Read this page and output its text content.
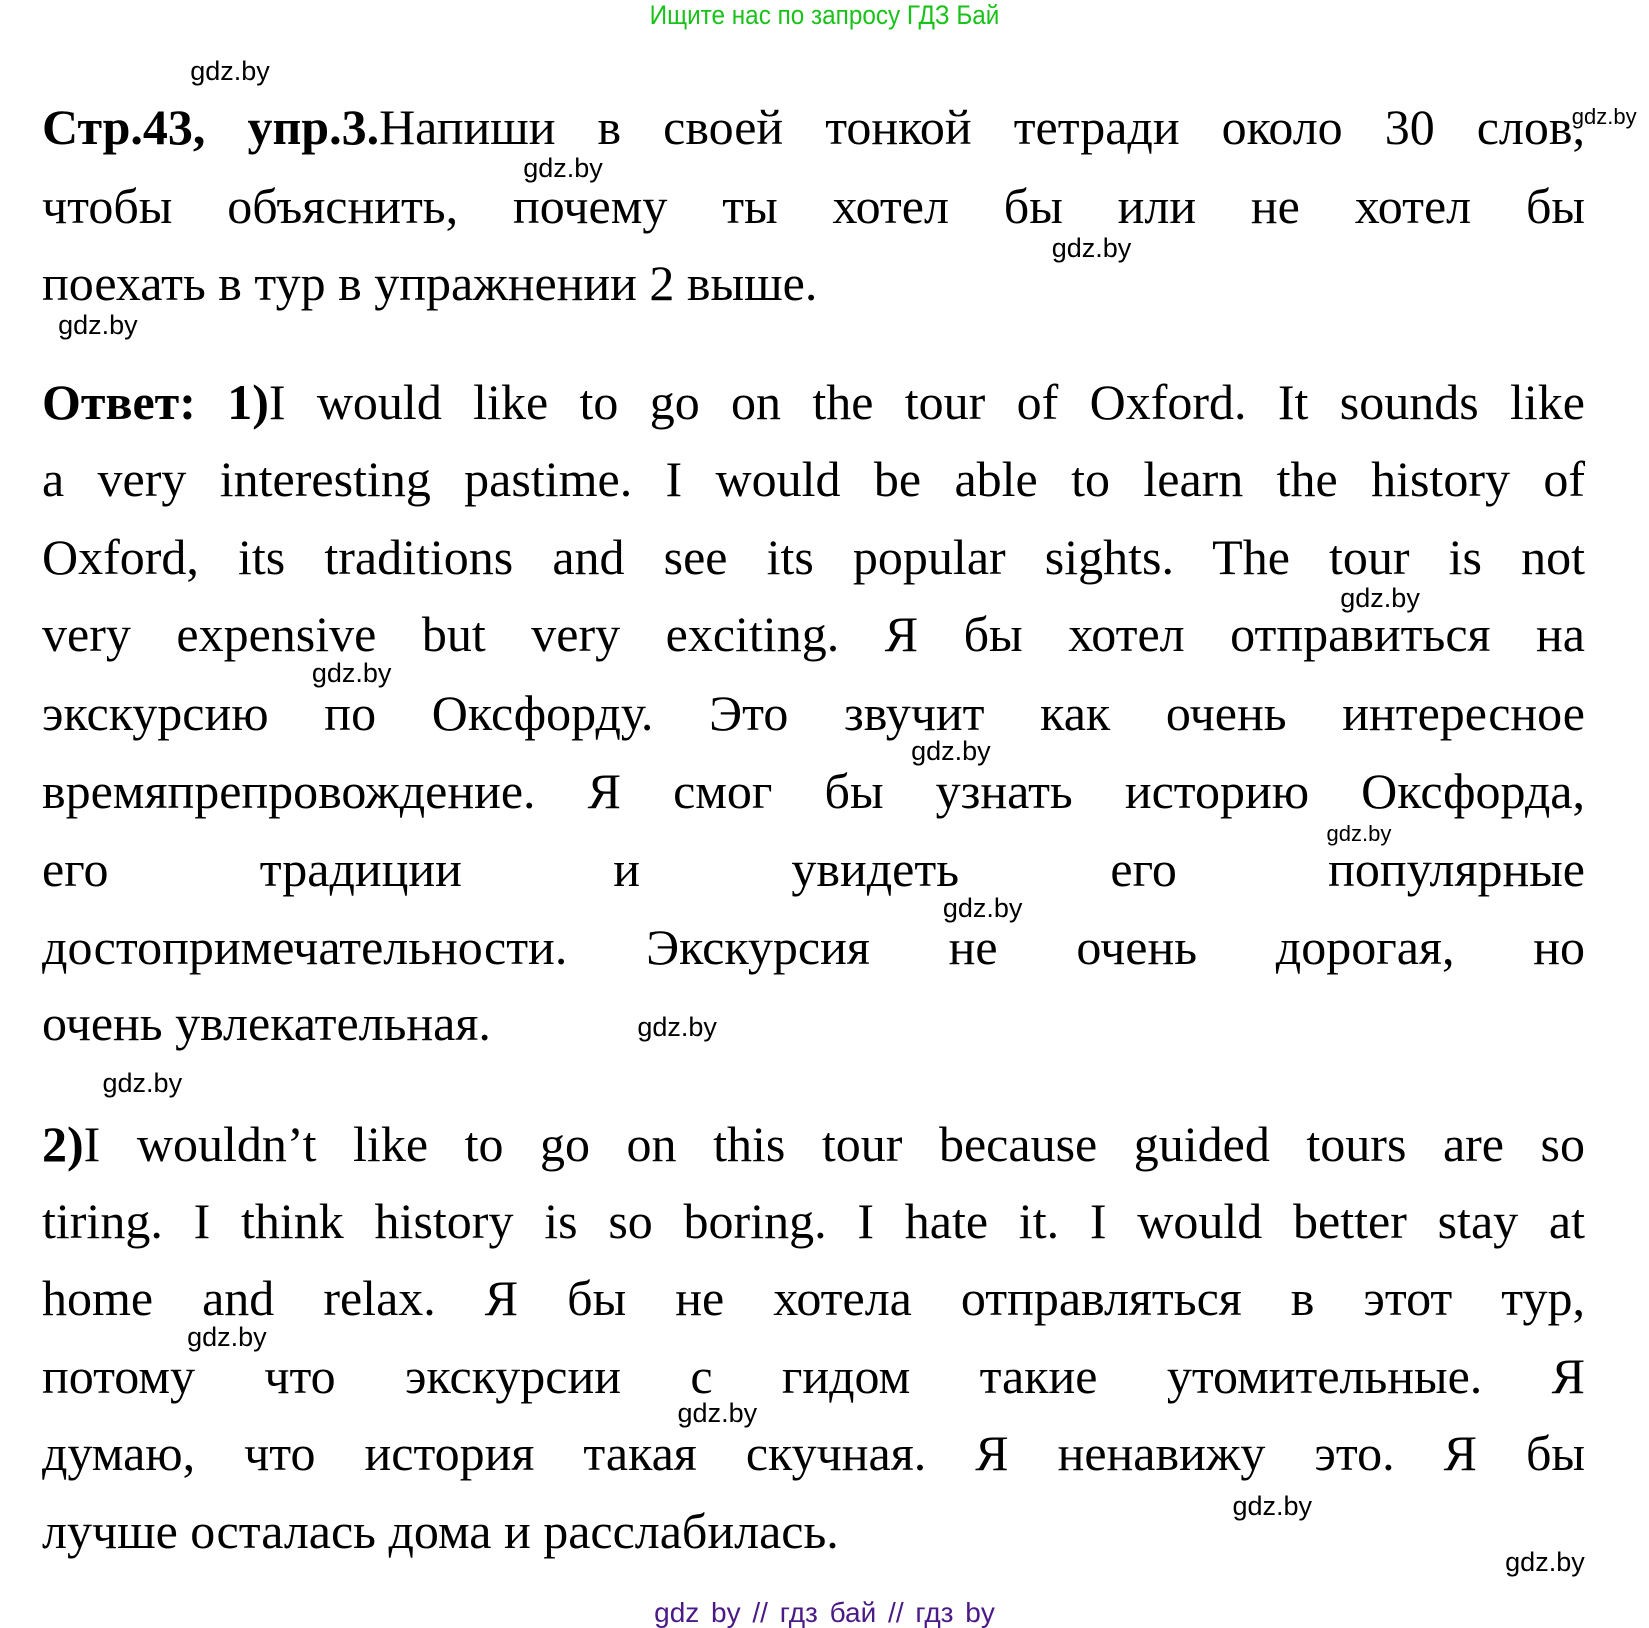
Ищите нас по запросу ГДЗ Бай
Стр.43, упр.3.Напиши в своей тонкой тетради около 30 слов,
чтобы объяснить, почему ты хотел бы или не хотел бы
поехать в тур в упражнении 2 выше.
Ответ: 1)I would like to go on the tour of Oxford. It sounds like
a very interesting pastime. I would be able to learn the history of
Oxford, its traditions and see its popular sights. The tour is not
very expensive but very exciting. Я бы хотел отправиться на
экскурсию по Оксфорду. Это звучит как очень интересное
времяпрепровождение. Я смог бы узнать историю Оксфорда,
его традиции и увидеть его популярные
достопримечательности. Экскурсия не очень дорогая, но
очень увлекательная.
2)I wouldn’t like to go on this tour because guided tours are so
tiring. I think history is so boring. I hate it. I would better stay at
home and relax. Я бы не хотела отправляться в этот тур,
потому что экскурсии с гидом такие утомительные. Я
думаю, что история такая скучная. Я ненавижу это. Я бы
лучше осталась дома и расслабилась.
gdz.by
gdz.by
gdz.by
gdz.by
gdz.by
gdz.by
gdz.by
gdz.by
gdz.by
gdz.by
gdz.by
gdz.by
gdz.by
gdz.by
gdz.by
gdz.by
gdz by // гдз бай // гдз by
